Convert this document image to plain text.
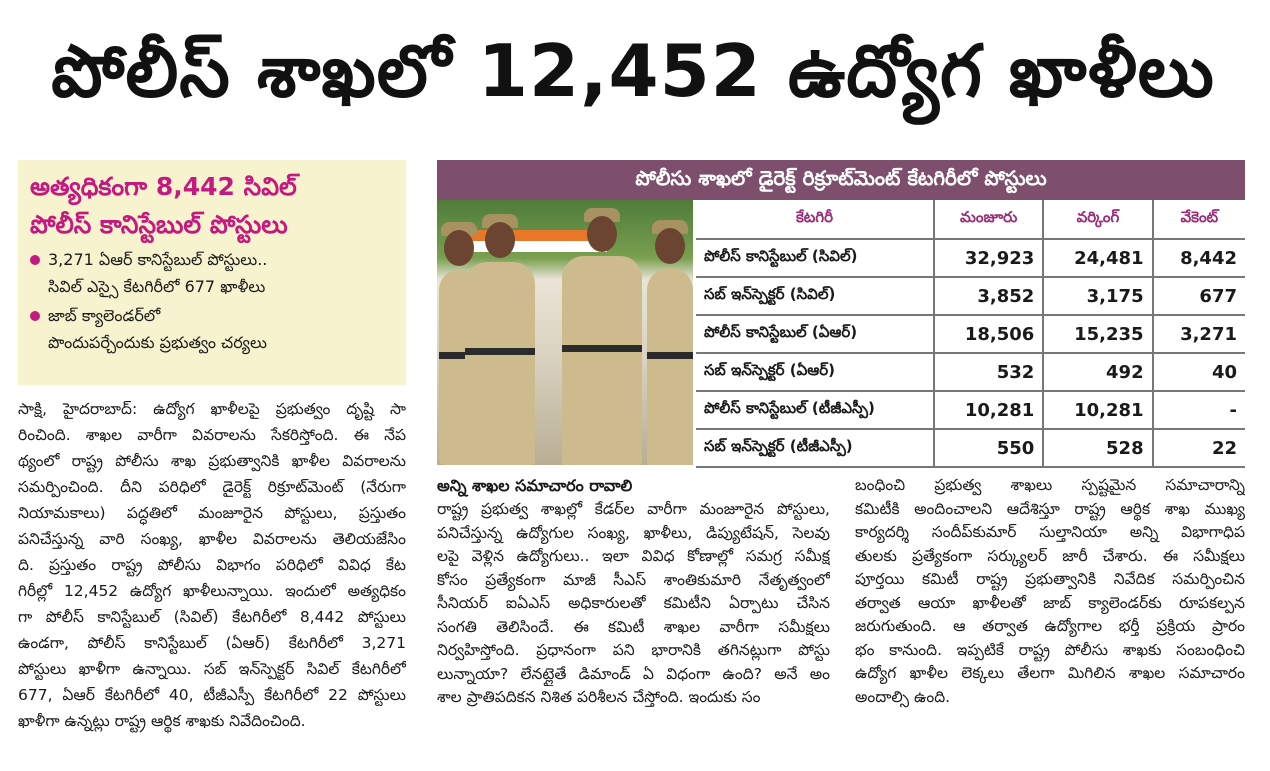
పోలీస్ శాఖలో 12,452 ఉద్యోగ ఖాళీలు
అత్యధికంగా 8,442 సివిల్
పోలీస్ కానిస్టేబుల్ పోస్టులు
3,271 ఏఆర్ కానిస్టేబుల్ పోస్టులు..
సివిల్ ఎస్సై కేటగిరీలో 677 ఖాళీలు
జాబ్ క్యాలెండర్‌లో
పొందుపర్చేందుకు ప్రభుత్వం చర్యలు
పోలీసు శాఖలో డైరెక్ట్ రిక్రూట్‌మెంట్ కేటగిరీలో పోస్టులు
కేటగిరీ	మంజూరు	వర్కింగ్	వేకెంట్
పోలీస్ కానిస్టేబుల్ (సివిల్)	32,923	24,481	8,442
సబ్ ఇన్‌స్పెక్టర్ (సివిల్)	3,852	3,175	677
పోలీస్ కానిస్టేబుల్ (ఏఆర్)	18,506	15,235	3,271
సబ్ ఇన్‌స్పెక్టర్ (ఏఆర్)	532	492	40
పోలీస్ కానిస్టేబుల్ (టీజీఎస్పీ)	10,281	10,281	-
సబ్ ఇన్‌స్పెక్టర్ (టీజీఎస్పీ)	550	528	22
సాక్షి, హైదరాబాద్: ఉద్యోగ ఖాళీలపై ప్రభుత్వం దృష్టి సా
రించింది. శాఖల వారీగా వివరాలను సేకరిస్తోంది. ఈ నేప
థ్యంలో రాష్ట్ర పోలీసు శాఖ ప్రభుత్వానికి ఖాళీల వివరాలను
సమర్పించింది. దీని పరిధిలో డైరెక్ట్ రిక్రూట్‌మెంట్ (నేరుగా
నియామకాలు) పద్ధతిలో మంజూరైన పోస్టులు, ప్రస్తుతం
పనిచేస్తున్న వారి సంఖ్య, ఖాళీల వివరాలను తెలియజేసిం
ది. ప్రస్తుతం రాష్ట్ర పోలీసు విభాగం పరిధిలో వివిధ కేట
గిరీల్లో 12,452 ఉద్యోగ ఖాళీలున్నాయి. ఇందులో అత్యధికం
గా పోలీస్ కానిస్టేబుల్ (సివిల్) కేటగిరీలో 8,442 పోస్టులు
ఉండగా, పోలీస్ కానిస్టేబుల్ (ఏఆర్) కేటగిరీలో 3,271
పోస్టులు ఖాళీగా ఉన్నాయి. సబ్ ఇన్‌స్పెక్టర్ సివిల్ కేటగిరీలో
677, ఏఆర్ కేటగిరీలో 40, టీజీఎస్పీ కేటగిరీలో 22 పోస్టులు
ఖాళీగా ఉన్నట్లు రాష్ట్ర ఆర్థిక శాఖకు నివేదించింది.
అన్ని శాఖల సమాచారం రావాలి
రాష్ట్ర ప్రభుత్వ శాఖల్లో కేడర్‌ల వారీగా మంజూరైన పోస్టులు,
పనిచేస్తున్న ఉద్యోగుల సంఖ్య, ఖాళీలు, డిప్యుటేషన్, సెలవు
లపై వెళ్లిన ఉద్యోగులు.. ఇలా వివిధ కోణాల్లో సమగ్ర సమీక్ష
కోసం ప్రత్యేకంగా మాజీ సీఎస్ శాంతికుమారి నేతృత్వంలో
సీనియర్ ఐఏఎస్ అధికారులతో కమిటీని ఏర్పాటు చేసిన
సంగతి తెలిసిందే. ఈ కమిటీ శాఖల వారీగా సమీక్షలు
నిర్వహిస్తోంది. ప్రధానంగా పని భారానికి తగినట్లుగా పోస్టు
లున్నాయా? లేనట్లైతే డిమాండ్ ఏ విధంగా ఉంది? అనే అం
శాల ప్రాతిపదికన నిశిత పరిశీలన చేస్తోంది. ఇందుకు సం
బంధించి ప్రభుత్వ శాఖలు స్పష్టమైన సమాచారాన్ని
కమిటీకి అందించాలని ఆదేశిస్తూ రాష్ట్ర ఆర్థిక శాఖ ముఖ్య
కార్యదర్శి సందీప్‌కుమార్ సుల్తానియా అన్ని విభాగాధిప
తులకు ప్రత్యేకంగా సర్క్యులర్ జారీ చేశారు. ఈ సమీక్షలు
పూర్తయి కమిటీ రాష్ట్ర ప్రభుత్వానికి నివేదిక సమర్పించిన
తర్వాత ఆయా ఖాళీలతో జాబ్ క్యాలెండర్‌కు రూపకల్పన
జరుగుతుంది. ఆ తర్వాత ఉద్యోగాల భర్తీ ప్రక్రియ ప్రారం
భం కానుంది. ఇప్పటికే రాష్ట్ర పోలీసు శాఖకు సంబంధించి
ఉద్యోగ ఖాళీల లెక్కలు తేలగా మిగిలిన శాఖల సమాచారం
అందాల్సి ఉంది.
